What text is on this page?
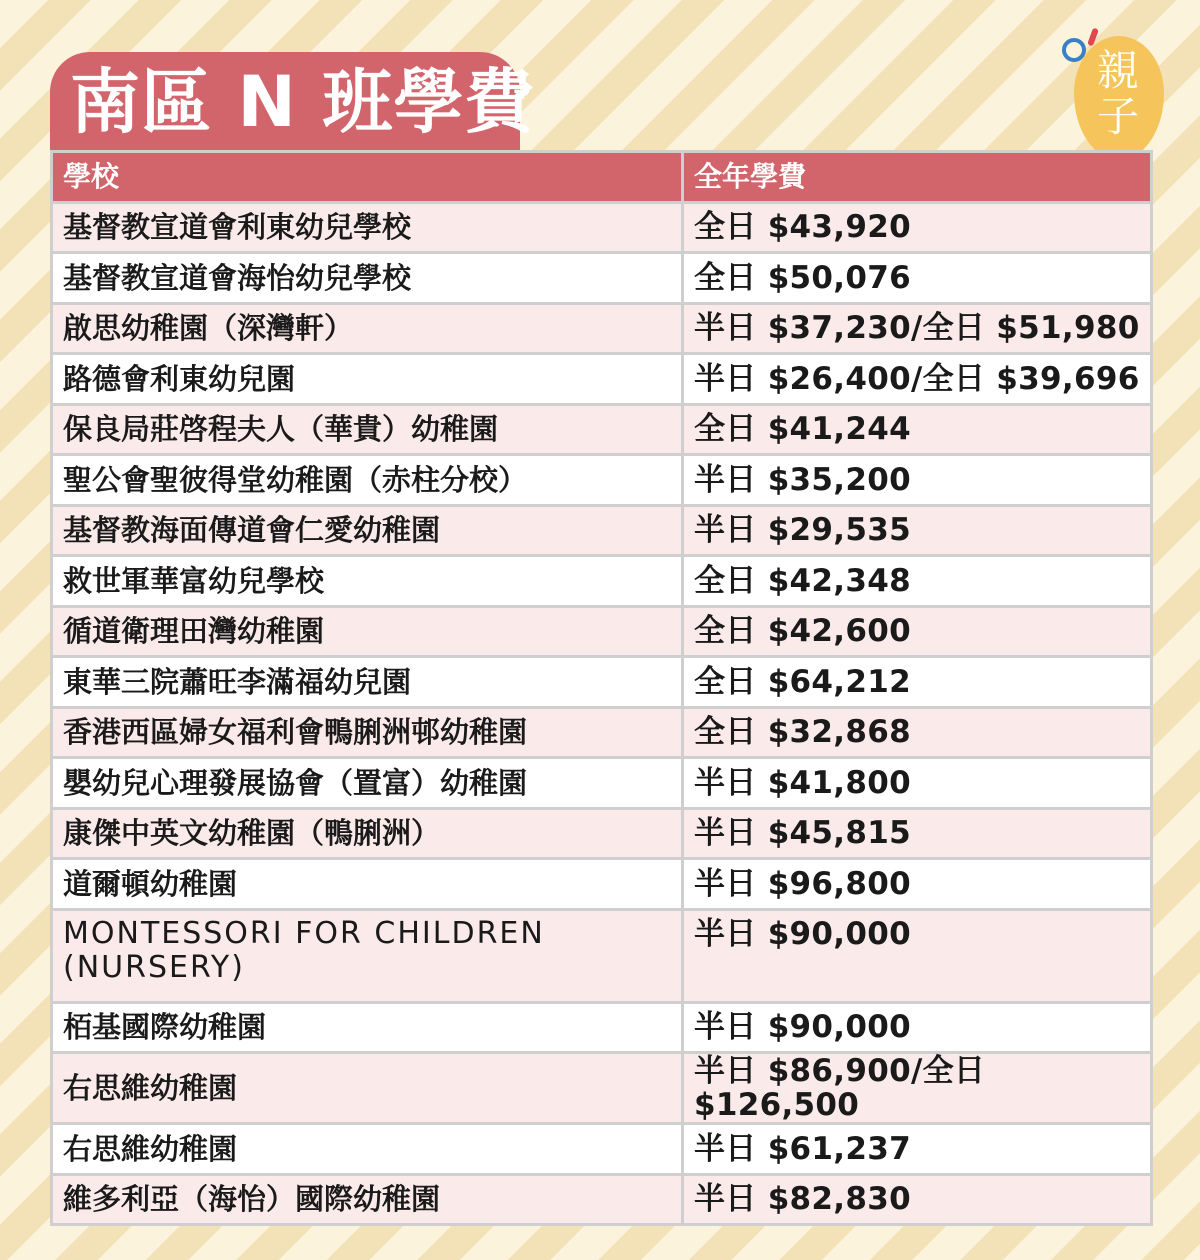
南區 N 班學費	親子
學校	全年學費
基督教宣道會利東幼兒學校	全日 $43,920
基督教宣道會海怡幼兒學校	全日 $50,076
啟思幼稚園（深灣軒）	半日 $37,230/全日 $51,980
路德會利東幼兒園	半日 $26,400/全日 $39,696
保良局莊啓程夫人（華貴）幼稚園	全日 $41,244
聖公會聖彼得堂幼稚園（赤柱分校）	半日 $35,200
基督教海面傳道會仁愛幼稚園	半日 $29,535
救世軍華富幼兒學校	全日 $42,348
循道衛理田灣幼稚園	全日 $42,600
東華三院蕭旺李滿福幼兒園	全日 $64,212
香港西區婦女福利會鴨脷洲邨幼稚園	全日 $32,868
嬰幼兒心理發展協會（置富）幼稚園	半日 $41,800
康傑中英文幼稚園（鴨脷洲）	半日 $45,815
道爾頓幼稚園	半日 $96,800
MONTESSORI FOR CHILDREN (NURSERY)	半日 $90,000
栢基國際幼稚園	半日 $90,000
右思維幼稚園	半日 $86,900/全日 $126,500
右思維幼稚園	半日 $61,237
維多利亞（海怡）國際幼稚園	半日 $82,830
